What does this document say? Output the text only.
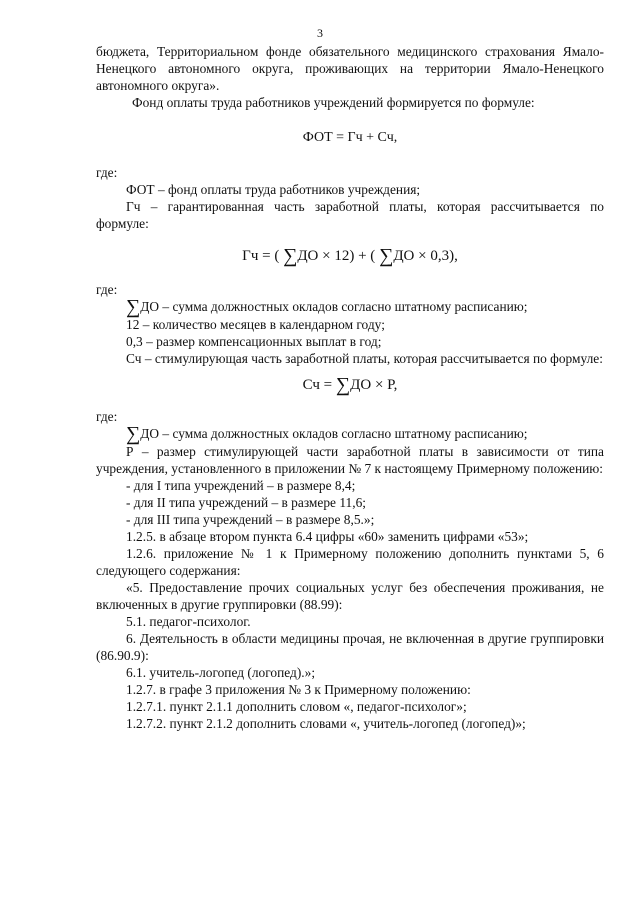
3

бюджета, Территориальном фонде обязательного медицинского страхования Ямало-Ненецкого автономного округа, проживающих на территории Ямало-Ненецкого автономного округа».

Фонд оплаты труда работников учреждений формируется по формуле:

ФОТ = Гч + Сч,

где:

ФОТ – фонд оплаты труда работников учреждения;

Гч – гарантированная часть заработной платы, которая рассчитывается по формуле:

Гч = ( ∑ДО × 12) + ( ∑ДО × 0,3),

где:

∑ДО – сумма должностных окладов согласно штатному расписанию;

12 – количество месяцев в календарном году;

0,3 – размер компенсационных выплат в год;

Сч – стимулирующая часть заработной платы, которая рассчитывается по формуле:

Сч = ∑ДО × Р,

где:

∑ДО – сумма должностных окладов согласно штатному расписанию;

Р – размер стимулирующей части заработной платы в зависимости от типа учреждения, установленного в приложении № 7 к настоящему Примерному положению:

- для I типа учреждений – в размере 8,4;

- для II типа учреждений – в размере 11,6;

- для III типа учреждений – в размере 8,5.»;

1.2.5. в абзаце втором пункта 6.4 цифры «60» заменить цифрами «53»;

1.2.6. приложение № 1 к Примерному положению дополнить пунктами 5, 6 следующего содержания:

«5. Предоставление прочих социальных услуг без обеспечения проживания, не включенных в другие группировки (88.99):

5.1. педагог-психолог.

6. Деятельность в области медицины прочая, не включенная в другие группировки (86.90.9):

6.1. учитель-логопед (логопед).»;

1.2.7. в графе 3 приложения № 3 к Примерному положению:

1.2.7.1. пункт 2.1.1 дополнить словом «, педагог-психолог»;

1.2.7.2. пункт 2.1.2 дополнить словами «, учитель-логопед (логопед)»;
